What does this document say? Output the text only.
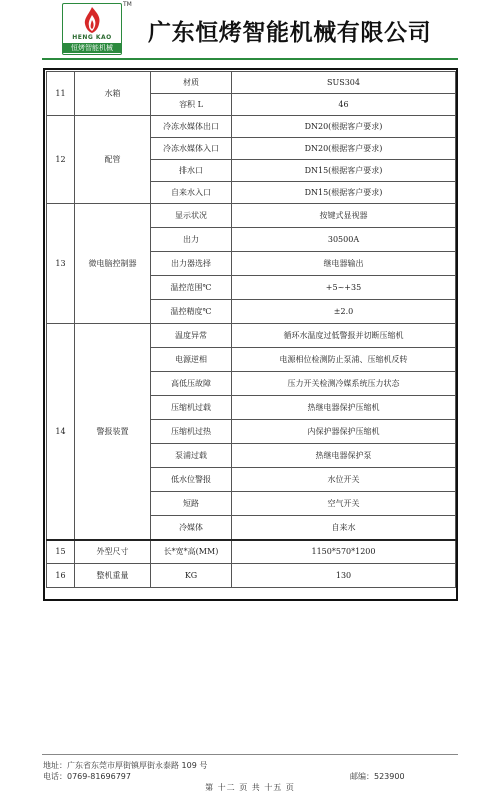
HENG KAO
恒烤智能机械
TM
广东恒烤智能机械有限公司
11	水箱	材质	SUS304
		容积 L	46
12	配管	冷冻水媒体出口	DN20(根据客户要求)
		冷冻水媒体入口	DN20(根据客户要求)
		排水口	DN15(根据客户要求)
		自来水入口	DN15(根据客户要求)
13	微电脑控制器	显示状况	按键式显视器
		出力	30500A
		出力器选择	继电器输出
		温控范围℃	+5~+35
		温控精度℃	±2.0
14	警报装置	温度异常	循环水温度过低警报并切断压缩机
		电源逆相	电源相位检测防止泵浦、压缩机反转
		高低压故障	压力开关检测冷媒系统压力状态
		压缩机过载	热继电器保护压缩机
		压缩机过热	内保护器保护压缩机
		泵浦过载	热继电器保护泵
		低水位警报	水位开关
		短路	空气开关
		冷媒体	自来水
15	外型尺寸	长*宽*高(MM)	1150*570*1200
16	整机重量	KG	130
地址：广东省东莞市厚街镇厚街永泰路 109 号
电话：0769-81696797	邮编：523900
第 十二 页 共 十五 页
